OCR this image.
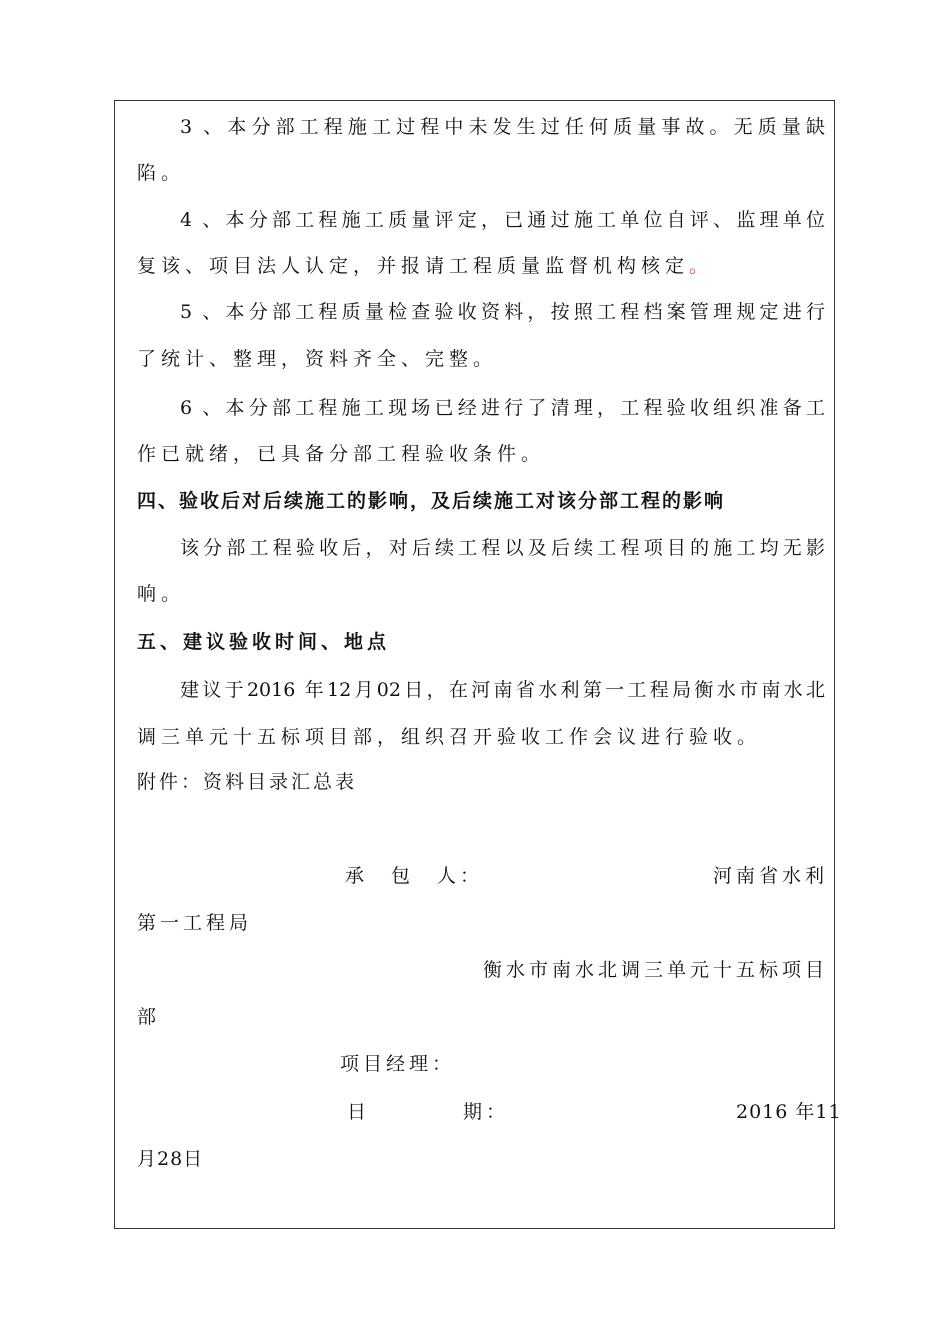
3 、本分部工程施工过程中未发生过任何质量事故。无质量缺
陷。
4 、本分部工程施工质量评定，已通过施工单位自评、监理单位
复该、项目法人认定，并报请工程质量监督机构核定。
5 、本分部工程质量检查验收资料，按照工程档案管理规定进行
了统计、整理，资料齐全、完整。
6 、本分部工程施工现场已经进行了清理，工程验收组织准备工
作已就绪，已具备分部工程验收条件。
四、验收后对后续施工的影响，及后续施工对该分部工程的影响
该分部工程验收后，对后续工程以及后续工程项目的施工均无影
响。
五、建议验收时间、地点
建议于2016 年12月02日，在河南省水利第一工程局衡水市南水北
调三单元十五标项目部，组织召开验收工作会议进行验收。
附件：资料目录汇总表
承　包　人：	河南省水利
第一工程局
衡水市南水北调三单元十五标项目
部
项目经理：
日	期：	2016 年11
月28日
